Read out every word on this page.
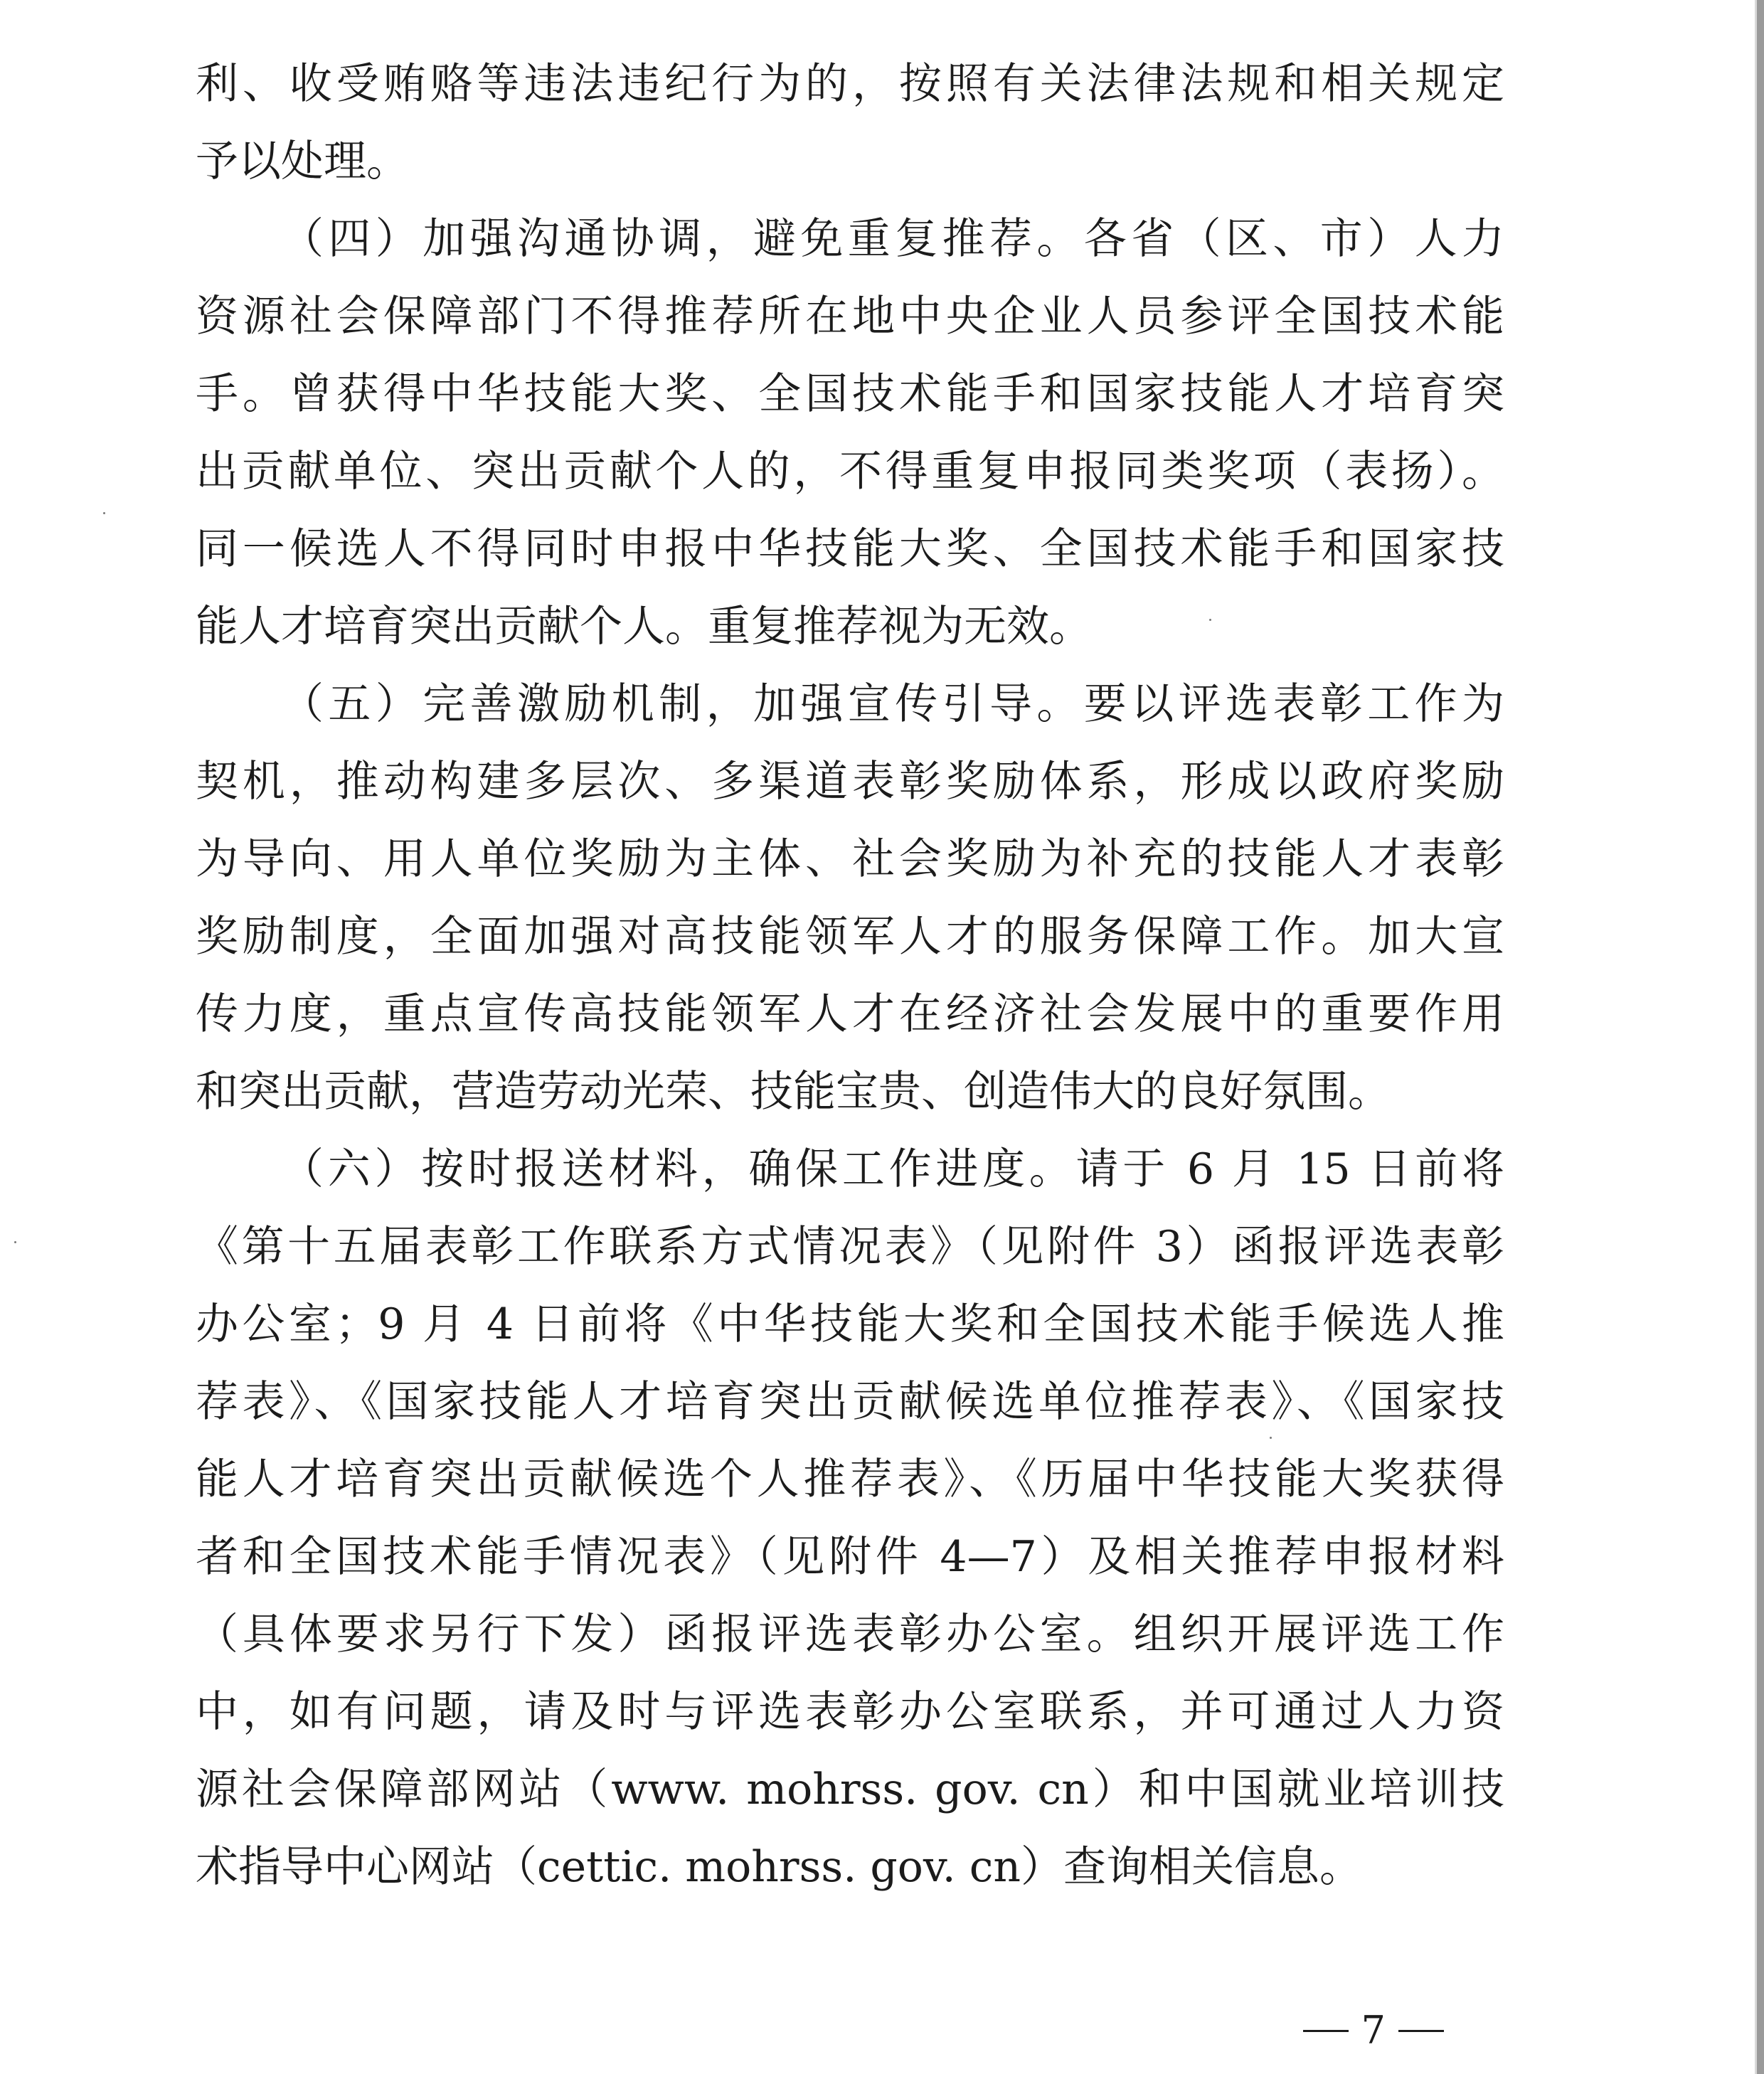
利、收受贿赂等违法违纪行为的，按照有关法律法规和相关规定
予以处理。
（四）加强沟通协调，避免重复推荐。各省（区、市）人力
资源社会保障部门不得推荐所在地中央企业人员参评全国技术能
手。曾获得中华技能大奖、全国技术能手和国家技能人才培育突
出贡献单位、突出贡献个人的，不得重复申报同类奖项（表扬）。
同一候选人不得同时申报中华技能大奖、全国技术能手和国家技
能人才培育突出贡献个人。重复推荐视为无效。
（五）完善激励机制，加强宣传引导。要以评选表彰工作为
契机，推动构建多层次、多渠道表彰奖励体系，形成以政府奖励
为导向、用人单位奖励为主体、社会奖励为补充的技能人才表彰
奖励制度，全面加强对高技能领军人才的服务保障工作。加大宣
传力度，重点宣传高技能领军人才在经济社会发展中的重要作用
和突出贡献，营造劳动光荣、技能宝贵、创造伟大的良好氛围。
（六）按时报送材料，确保工作进度。请于 6 月 15 日前将
《第十五届表彰工作联系方式情况表》（见附件 3）函报评选表彰
办公室；9 月 4 日前将《中华技能大奖和全国技术能手候选人推
荐表》、《国家技能人才培育突出贡献候选单位推荐表》、《国家技
能人才培育突出贡献候选个人推荐表》、《历届中华技能大奖获得
者和全国技术能手情况表》（见附件 4—7）及相关推荐申报材料
（具体要求另行下发）函报评选表彰办公室。组织开展评选工作
中，如有问题，请及时与评选表彰办公室联系，并可通过人力资
源社会保障部网站（www. mohrss. gov. cn）和中国就业培训技
术指导中心网站（cettic. mohrss. gov. cn）查询相关信息。
7
